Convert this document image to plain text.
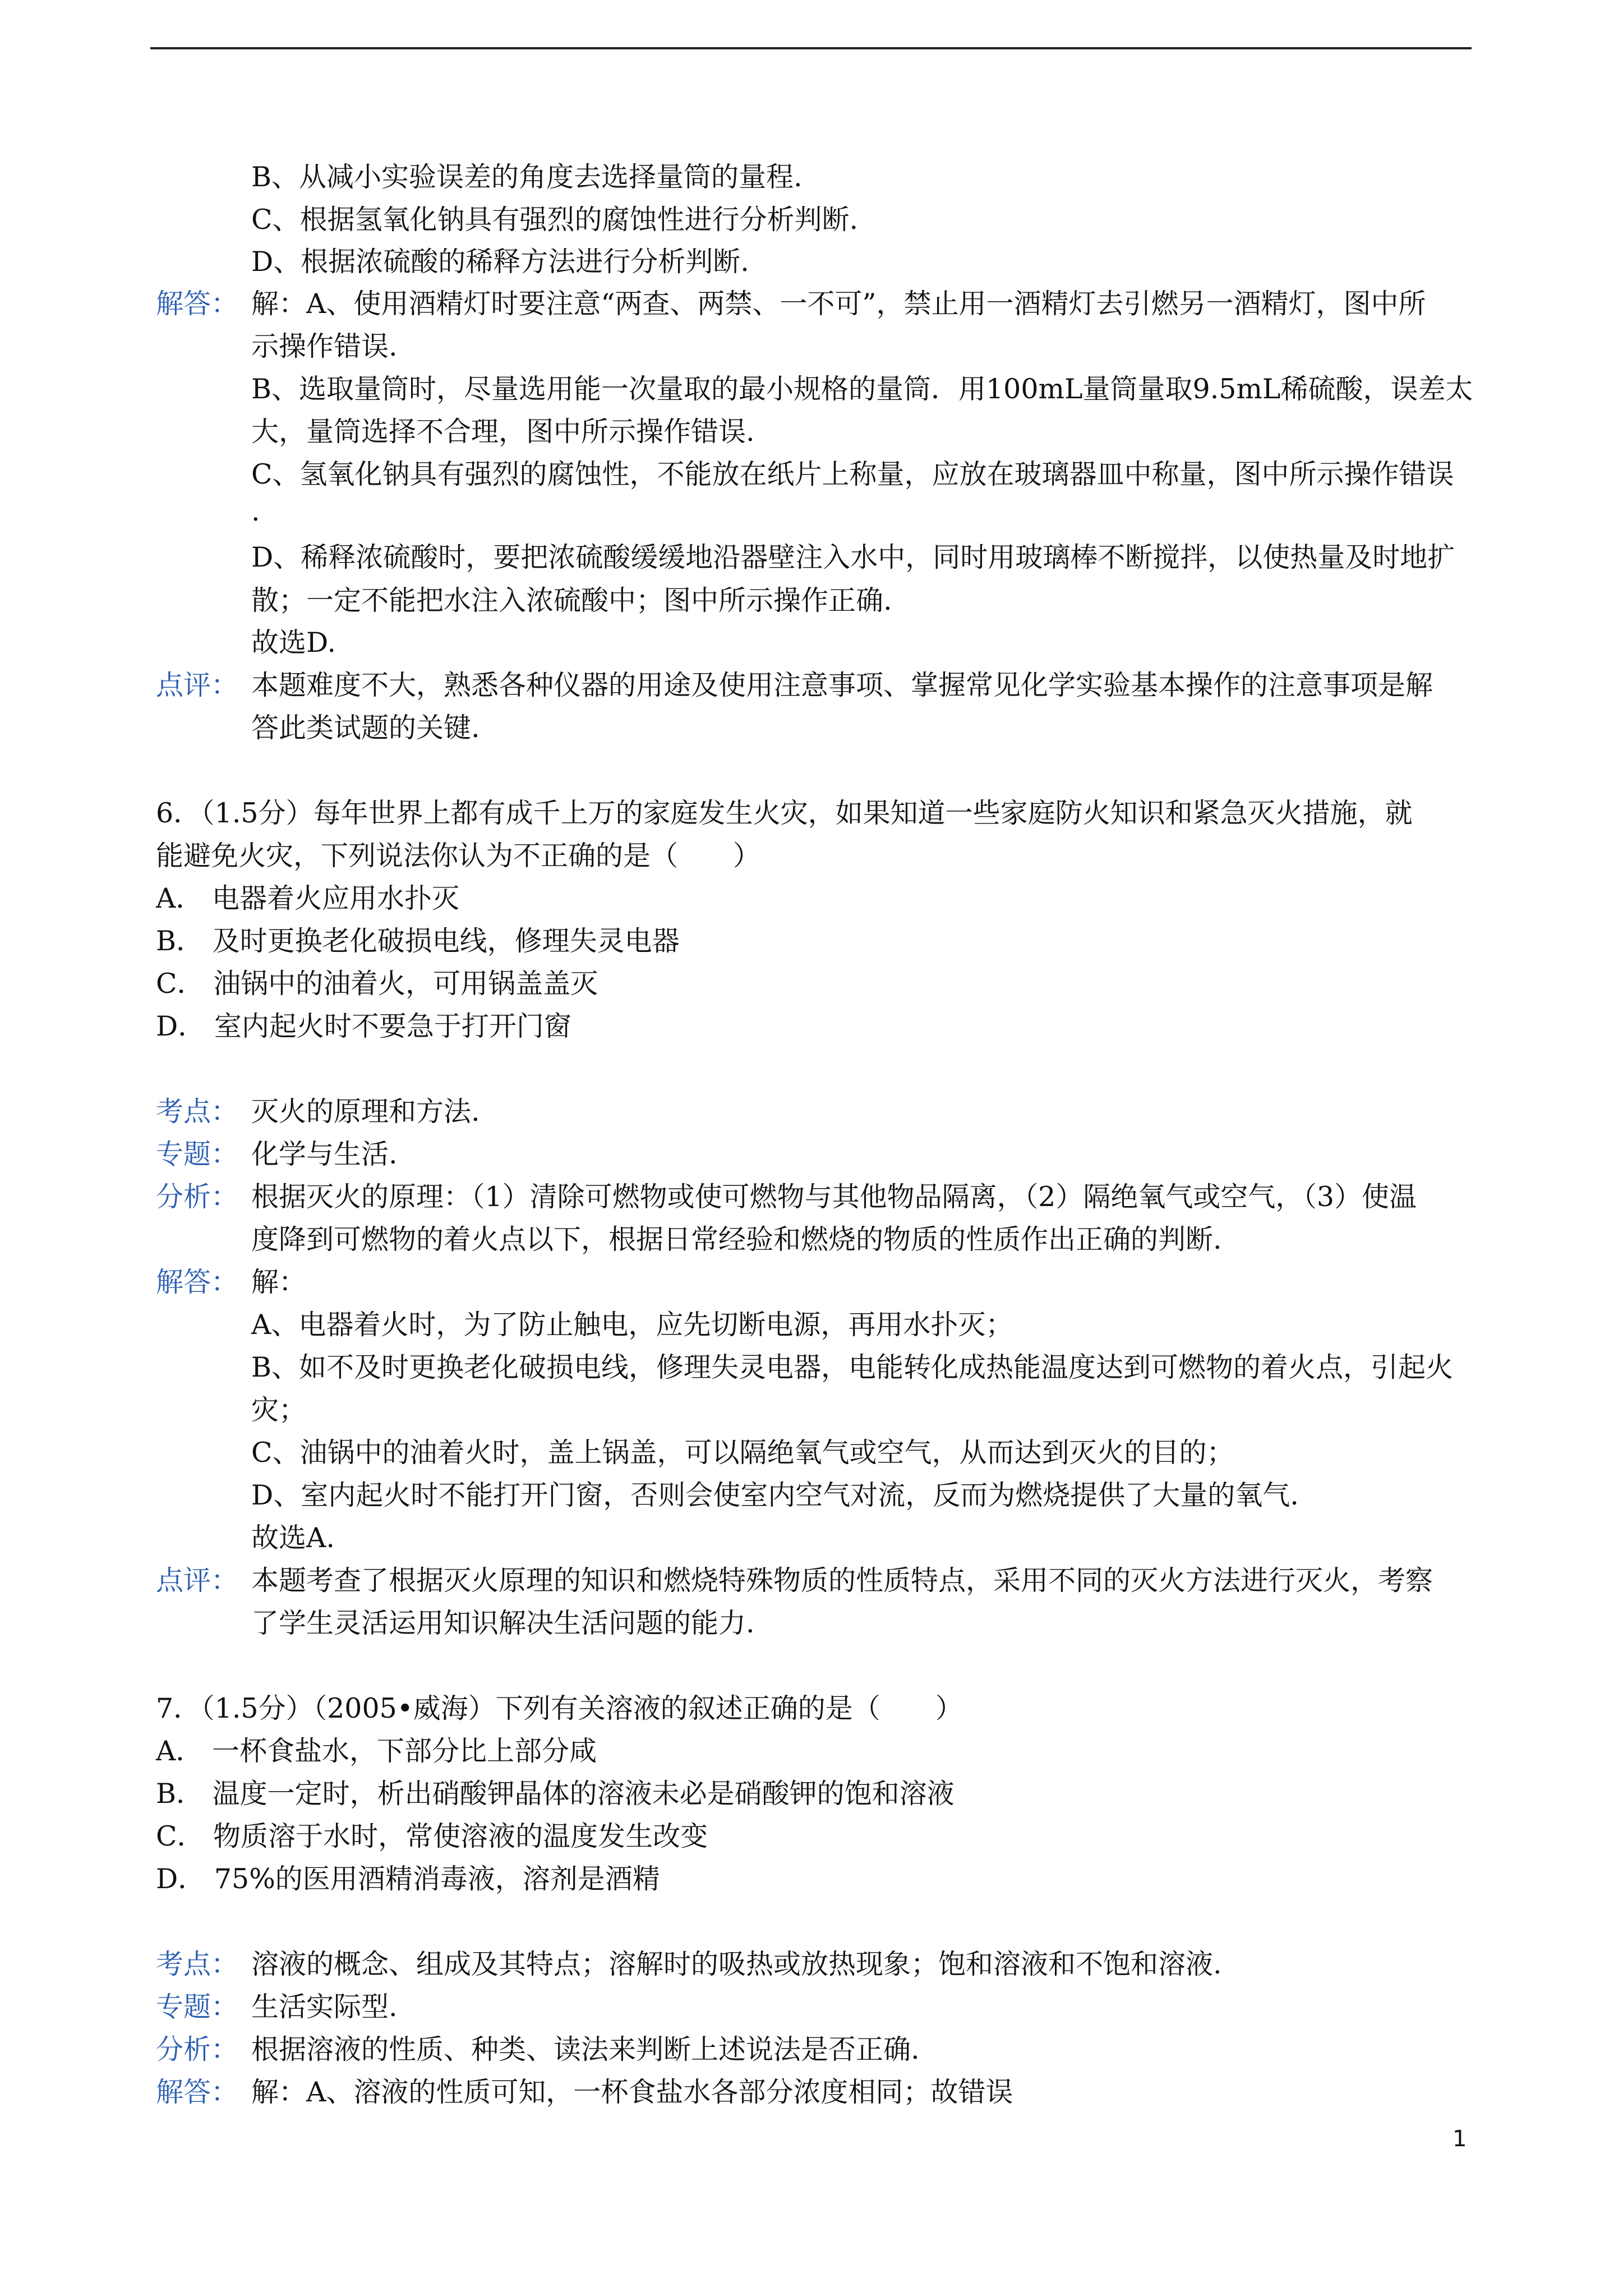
B、从减小实验误差的角度去选择量筒的量程.
C、根据氢氧化钠具有强烈的腐蚀性进行分析判断.
D、根据浓硫酸的稀释方法进行分析判断.
解答： 解：A、使用酒精灯时要注意“两查、两禁、一不可”，禁止用一酒精灯去引燃另一酒精灯，图中所
示操作错误.
B、选取量筒时，尽量选用能一次量取的最小规格的量筒．用100mL量筒量取9.5mL稀硫酸，误差太
大，量筒选择不合理，图中所示操作错误.
C、氢氧化钠具有强烈的腐蚀性，不能放在纸片上称量，应放在玻璃器皿中称量，图中所示操作错误
.
D、稀释浓硫酸时，要把浓硫酸缓缓地沿器壁注入水中，同时用玻璃棒不断搅拌，以使热量及时地扩
散；一定不能把水注入浓硫酸中；图中所示操作正确.
故选D.
点评： 本题难度不大，熟悉各种仪器的用途及使用注意事项、掌握常见化学实验基本操作的注意事项是解
答此类试题的关键.
6．（1.5分）每年世界上都有成千上万的家庭发生火灾，如果知道一些家庭防火知识和紧急灭火措施，就
能避免火灾，下列说法你认为不正确的是（　　）
A． 电器着火应用水扑灭
B． 及时更换老化破损电线，修理失灵电器
C． 油锅中的油着火，可用锅盖盖灭
D． 室内起火时不要急于打开门窗
考点： 灭火的原理和方法.
专题： 化学与生活.
分析： 根据灭火的原理：（1）清除可燃物或使可燃物与其他物品隔离，（2）隔绝氧气或空气，（3）使温
度降到可燃物的着火点以下，根据日常经验和燃烧的物质的性质作出正确的判断.
解答： 解：
A、电器着火时，为了防止触电，应先切断电源，再用水扑灭；
B、如不及时更换老化破损电线，修理失灵电器，电能转化成热能温度达到可燃物的着火点，引起火
灾；
C、油锅中的油着火时，盖上锅盖，可以隔绝氧气或空气，从而达到灭火的目的；
D、室内起火时不能打开门窗，否则会使室内空气对流，反而为燃烧提供了大量的氧气.
故选A.
点评： 本题考查了根据灭火原理的知识和燃烧特殊物质的性质特点，采用不同的灭火方法进行灭火，考察
了学生灵活运用知识解决生活问题的能力.
7．（1.5分）（2005•威海）下列有关溶液的叙述正确的是（　　）
A． 一杯食盐水，下部分比上部分咸
B． 温度一定时，析出硝酸钾晶体的溶液未必是硝酸钾的饱和溶液
C． 物质溶于水时，常使溶液的温度发生改变
D． 75%的医用酒精消毒液，溶剂是酒精
考点： 溶液的概念、组成及其特点；溶解时的吸热或放热现象；饱和溶液和不饱和溶液.
专题： 生活实际型.
分析： 根据溶液的性质、种类、读法来判断上述说法是否正确.
解答： 解：A、溶液的性质可知，一杯食盐水各部分浓度相同；故错误
1
